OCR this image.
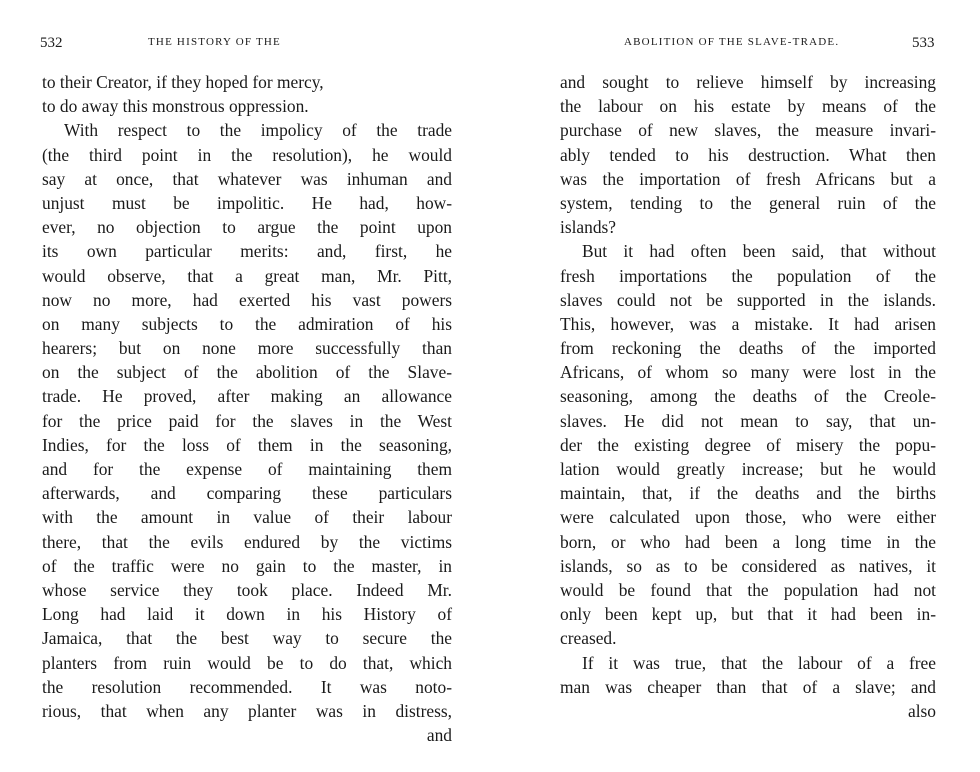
532	THE HISTORY OF THE
to their Creator, if they hoped for mercy,
to do away this monstrous oppression.
With respect to the impolicy of the trade
(the third point in the resolution), he would
say at once, that whatever was inhuman and
unjust must be impolitic. He had, how-
ever, no objection to argue the point upon
its own particular merits: and, first, he
would observe, that a great man, Mr. Pitt,
now no more, had exerted his vast powers
on many subjects to the admiration of his
hearers; but on none more successfully than
on the subject of the abolition of the Slave-
trade. He proved, after making an allowance
for the price paid for the slaves in the West
Indies, for the loss of them in the seasoning,
and for the expense of maintaining them
afterwards, and comparing these particulars
with the amount in value of their labour
there, that the evils endured by the victims
of the traffic were no gain to the master, in
whose service they took place. Indeed Mr.
Long had laid it down in his History of
Jamaica, that the best way to secure the
planters from ruin would be to do that, which
the resolution recommended. It was noto-
rious, that when any planter was in distress,
and
ABOLITION OF THE SLAVE-TRADE.	533
and sought to relieve himself by increasing
the labour on his estate by means of the
purchase of new slaves, the measure invari-
ably tended to his destruction. What then
was the importation of fresh Africans but a
system, tending to the general ruin of the
islands?
But it had often been said, that without
fresh importations the population of the
slaves could not be supported in the islands.
This, however, was a mistake. It had arisen
from reckoning the deaths of the imported
Africans, of whom so many were lost in the
seasoning, among the deaths of the Creole-
slaves. He did not mean to say, that un-
der the existing degree of misery the popu-
lation would greatly increase; but he would
maintain, that, if the deaths and the births
were calculated upon those, who were either
born, or who had been a long time in the
islands, so as to be considered as natives, it
would be found that the population had not
only been kept up, but that it had been in-
creased.
If it was true, that the labour of a free
man was cheaper than that of a slave; and
also
